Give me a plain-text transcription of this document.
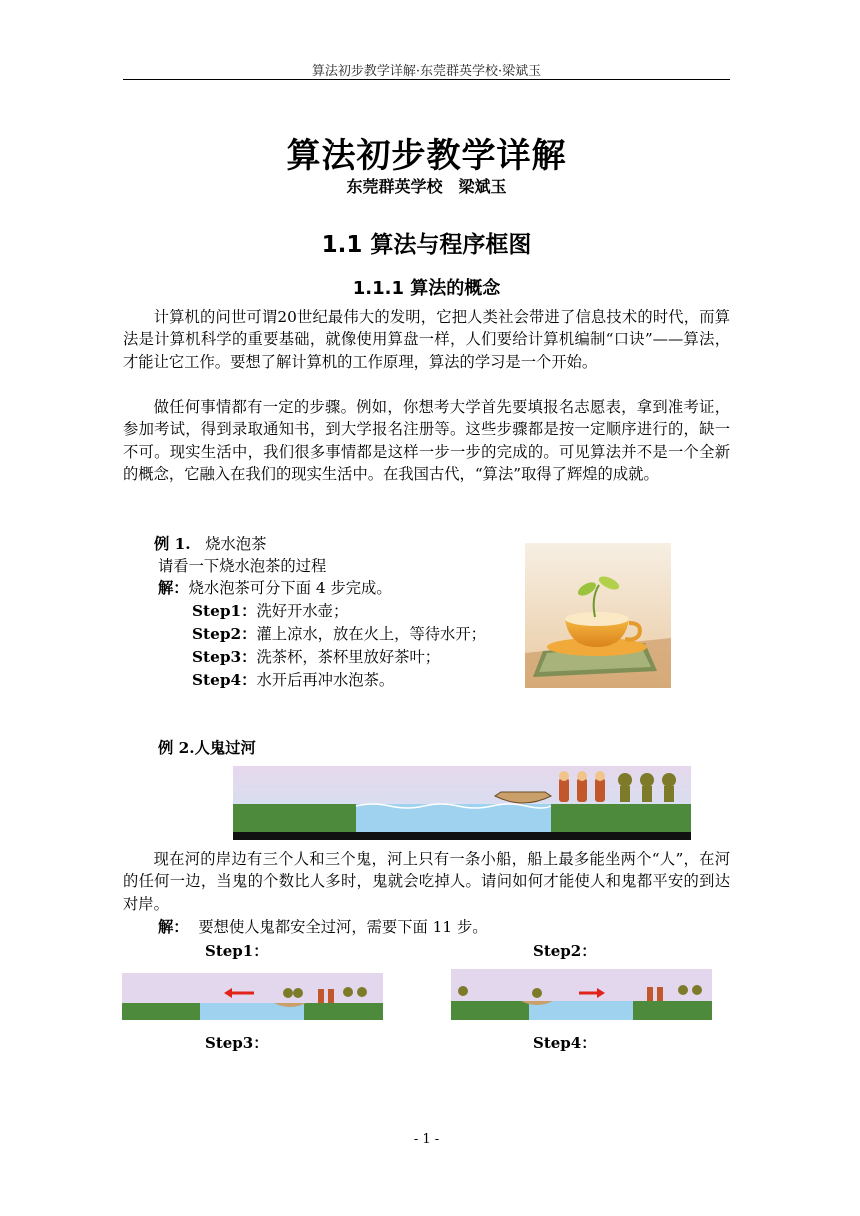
算法初步教学详解·东莞群英学校·梁斌玉
算法初步教学详解
东莞群英学校　梁斌玉
1.1 算法与程序框图
1.1.1 算法的概念
计算机的问世可谓20世纪最伟大的发明，它把人类社会带进了信息技术的时代，而算法是计算机科学的重要基础，就像使用算盘一样，人们要给计算机编制“口诀”——算法，才能让它工作。要想了解计算机的工作原理，算法的学习是一个开始。
做任何事情都有一定的步骤。例如，你想考大学首先要填报名志愿表，拿到准考证，参加考试，得到录取通知书，到大学报名注册等。这些步骤都是按一定顺序进行的，缺一不可。现实生活中，我们很多事情都是这样一步一步的完成的。可见算法并不是一个全新的概念，它融入在我们的现实生活中。在我国古代，“算法”取得了辉煌的成就。
例 1. 烧水泡茶
请看一下烧水泡茶的过程
解：烧水泡茶可分下面 4 步完成。
Step1：洗好开水壶；
Step2：灌上凉水，放在火上，等待水开；
Step3：洗茶杯，茶杯里放好茶叶；
Step4：水开后再冲水泡茶。
例 2.人鬼过河
现在河的岸边有三个人和三个鬼，河上只有一条小船，船上最多能坐两个“人”，在河的任何一边，当鬼的个数比人多时，鬼就会吃掉人。请问如何才能使人和鬼都平安的到达对岸。
解： 要想使人鬼都安全过河，需要下面 11 步。
Step1：	Step2：
Step3：	Step4：
- 1 -
